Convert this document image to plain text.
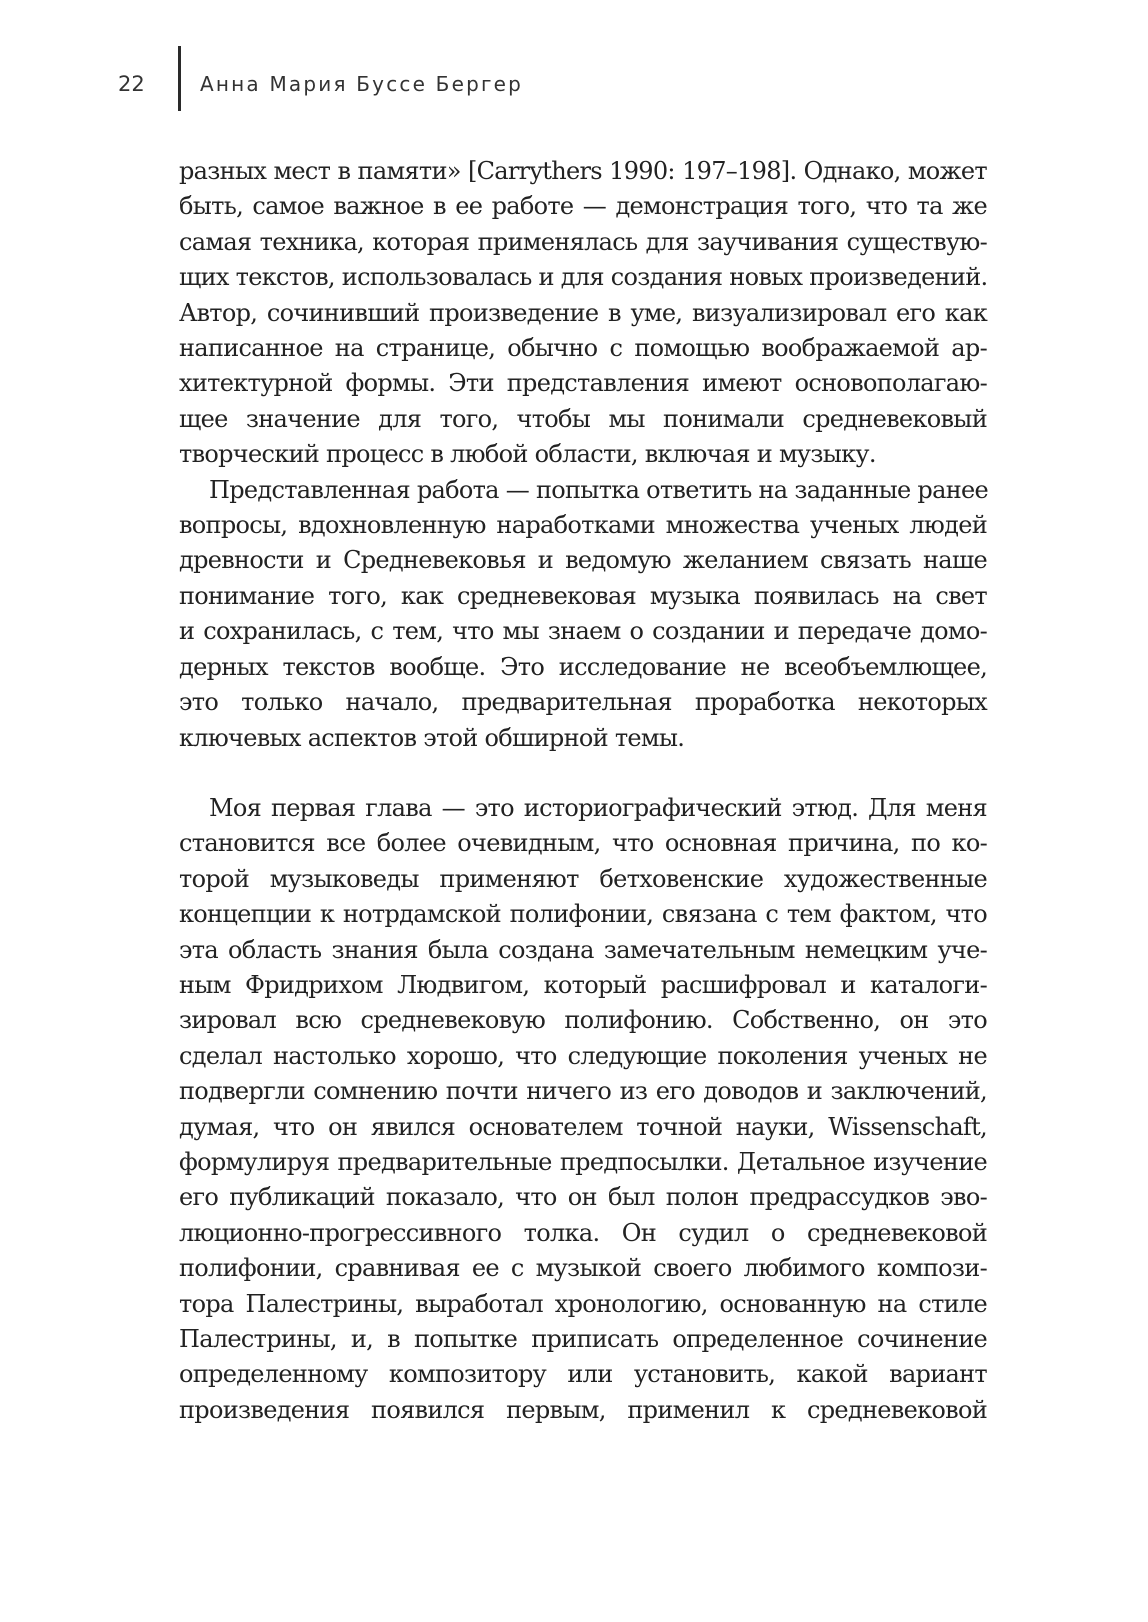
22	Анна Мария Буссе Бергер
разных мест в памяти» [Carrythers 1990: 197–198]. Однако, может
быть, самое важное в ее работе — демонстрация того, что та же
самая техника, которая применялась для заучивания существую-
щих текстов, использовалась и для создания новых произведений.
Автор, сочинивший произведение в уме, визуализировал его как
написанное на странице, обычно с помощью воображаемой ар-
хитектурной формы. Эти представления имеют основополагаю-
щее значение для того, чтобы мы понимали средневековый
творческий процесс в любой области, включая и музыку.
Представленная работа — попытка ответить на заданные ранее
вопросы, вдохновленную наработками множества ученых людей
древности и Средневековья и ведомую желанием связать наше
понимание того, как средневековая музыка появилась на свет
и сохранилась, с тем, что мы знаем о создании и передаче домо-
дерных текстов вообще. Это исследование не всеобъемлющее,
это только начало, предварительная проработка некоторых
ключевых аспектов этой обширной темы.
Моя первая глава — это историографический этюд. Для меня
становится все более очевидным, что основная причина, по ко-
торой музыковеды применяют бетховенские художественные
концепции к нотрдамской полифонии, связана с тем фактом, что
эта область знания была создана замечательным немецким уче-
ным Фридрихом Людвигом, который расшифровал и каталоги-
зировал всю средневековую полифонию. Собственно, он это
сделал настолько хорошо, что следующие поколения ученых не
подвергли сомнению почти ничего из его доводов и заключений,
думая, что он явился основателем точной науки, Wissenschaft,
формулируя предварительные предпосылки. Детальное изучение
его публикаций показало, что он был полон предрассудков эво-
люционно-прогрессивного толка. Он судил о средневековой
полифонии, сравнивая ее с музыкой своего любимого компози-
тора Палестрины, выработал хронологию, основанную на стиле
Палестрины, и, в попытке приписать определенное сочинение
определенному композитору или установить, какой вариант
произведения появился первым, применил к средневековой
